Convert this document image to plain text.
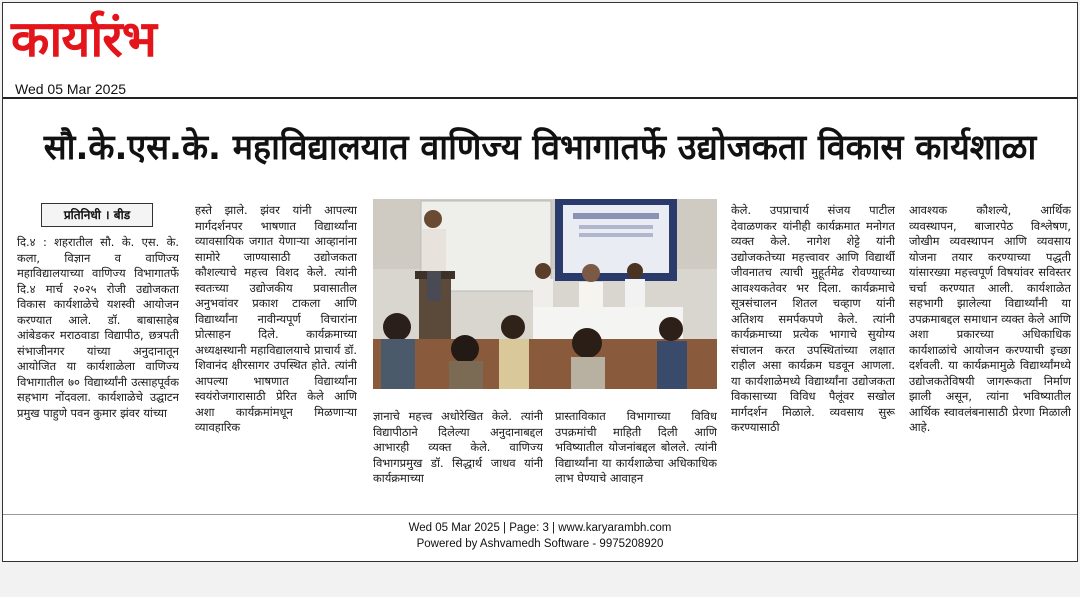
कार्यारंभ
Wed 05 Mar 2025
सौ.के.एस.के. महाविद्यालयात वाणिज्य विभागातर्फे उद्योजकता विकास कार्यशाळा
प्रतिनिधी । बीड

दि.४ : शहरातील सौ. के. एस. के. कला, विज्ञान व वाणिज्य महाविद्यालयाच्या वाणिज्य विभागातर्फे दि.४ मार्च २०२५ रोजी उद्योजकता विकास कार्यशाळेचे यशस्वी आयोजन करण्यात आले. डॉ. बाबासाहेब आंबेडकर मराठवाडा विद्यापीठ, छत्रपती संभाजीनगर यांच्या अनुदानातून आयोजित या कार्यशाळेला वाणिज्य विभागातील ७० विद्यार्थ्यांनी उत्साहपूर्वक सहभाग नोंदवला. कार्यशाळेचे उद्घाटन प्रमुख पाहुणे पवन कुमार झंवर यांच्या

हस्ते झाले. झंवर यांनी आपल्या मार्गदर्शनपर भाषणात विद्यार्थ्यांना व्यावसायिक जगात येणाऱ्या आव्हानांना सामोरे जाण्यासाठी उद्योजकता कौशल्याचे महत्त्व विशद केले. त्यांनी स्वतःच्या उद्योजकीय प्रवासातील अनुभवांवर प्रकाश टाकला आणि विद्यार्थ्यांना नावीन्यपूर्ण विचारांना प्रोत्साहन दिले. कार्यक्रमाच्या अध्यक्षस्थानी महाविद्यालयाचे प्राचार्य डॉ. शिवानंद क्षीरसागर उपस्थित होते. त्यांनी आपल्या भाषणात विद्यार्थ्यांना स्वयंरोजगारासाठी प्रेरित केले आणि अशा कार्यक्रमांमधून मिळणाऱ्या व्यावहारिक

ज्ञानाचे महत्त्व अधोरेखित केले. त्यांनी विद्यापीठाने दिलेल्या अनुदानाबद्दल आभारही व्यक्त केले. वाणिज्य विभागप्रमुख डॉ. सिद्धार्थ जाधव यांनी कार्यक्रमाच्या

प्रास्ताविकात विभागाच्या विविध उपक्रमांची माहिती दिली आणि भविष्यातील योजनांबद्दल बोलले. त्यांनी विद्यार्थ्यांना या कार्यशाळेचा अधिकाधिक लाभ घेण्याचे आवाहन

केले. उपप्राचार्य संजय पाटील देवाळणकर यांनीही कार्यक्रमात मनोगत व्यक्त केले. नागेश शेट्टे यांनी उद्योजकतेच्या महत्त्वावर आणि विद्यार्थी जीवनातच त्याची मुहूर्तमेढ रोवण्याच्या आवश्यकतेवर भर दिला. कार्यक्रमाचे सूत्रसंचालन शितल चव्हाण यांनी अतिशय समर्पकपणे केले. त्यांनी कार्यक्रमाच्या प्रत्येक भागाचे सुयोग्य संचालन करत उपस्थितांच्या लक्षात राहील असा कार्यक्रम घडवून आणला. या कार्यशाळेमध्ये विद्यार्थ्यांना उद्योजकता विकासाच्या विविध पैलूंवर सखोल मार्गदर्शन मिळाले. व्यवसाय सुरू करण्यासाठी

आवश्यक कौशल्ये, आर्थिक व्यवस्थापन, बाजारपेठ विश्लेषण, जोखीम व्यवस्थापन आणि व्यवसाय योजना तयार करण्याच्या पद्धती यांसारख्या महत्त्वपूर्ण विषयांवर सविस्तर चर्चा करण्यात आली. कार्यशाळेत सहभागी झालेल्या विद्यार्थ्यांनी या उपक्रमाबद्दल समाधान व्यक्त केले आणि अशा प्रकारच्या अधिकाधिक कार्यशाळांचे आयोजन करण्याची इच्छा दर्शवली. या कार्यक्रमामुळे विद्यार्थ्यांमध्ये उद्योजकतेविषयी जागरूकता निर्माण झाली असून, त्यांना भविष्यातील आर्थिक स्वावलंबनासाठी प्रेरणा मिळाली आहे.

Wed 05 Mar 2025 | Page: 3 | www.karyarambh.com
Powered by Ashvamedh Software - 9975208920
